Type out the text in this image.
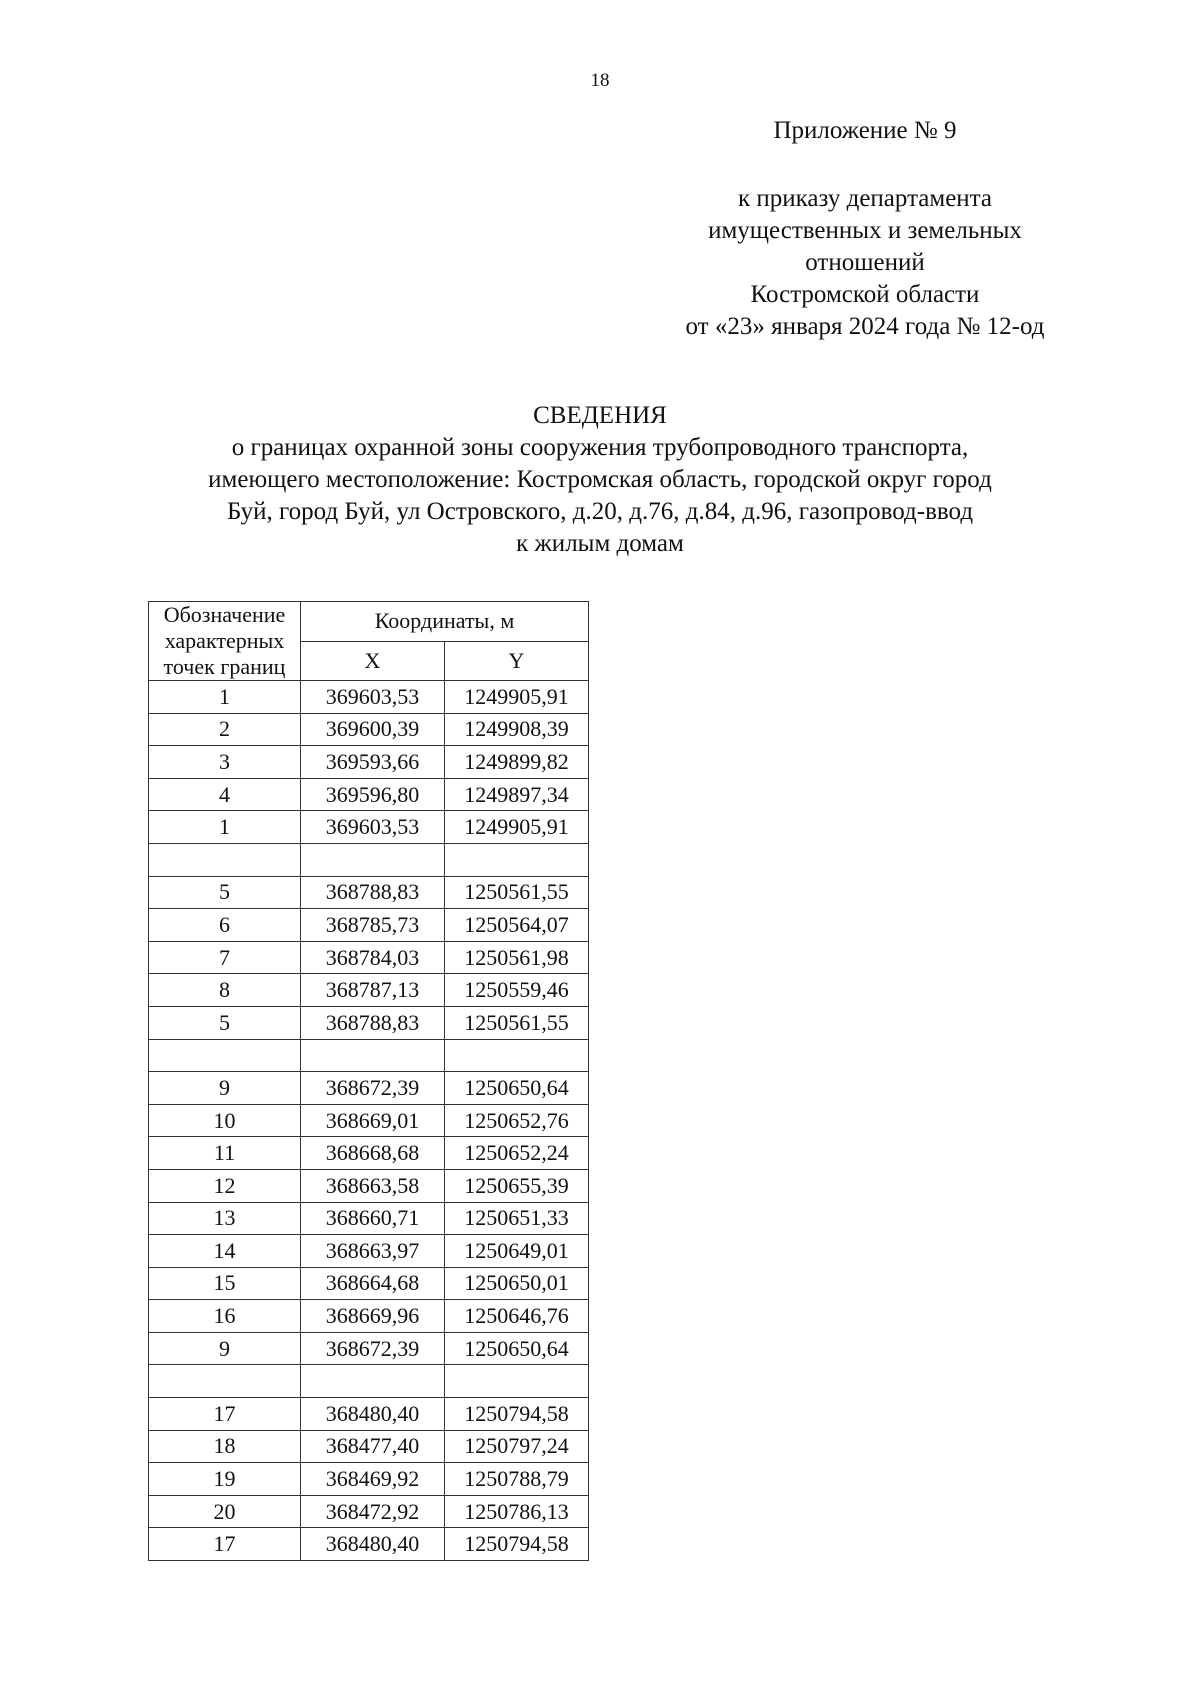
18
Приложение № 9
к приказу департамента
имущественных и земельных
отношений
Костромской области
от «23» января 2024 года № 12-од
СВЕДЕНИЯ
о границах охранной зоны сооружения трубопроводного транспорта,
имеющего местоположение: Костромская область, городской округ город
Буй, город Буй, ул Островского, д.20, д.76, д.84, д.96, газопровод-ввод
к жилым домам
Обозначение
характерных
точек границ	Координаты, м	
	X	Y
1	369603,53	1249905,91
2	369600,39	1249908,39
3	369593,66	1249899,82
4	369596,80	1249897,34
1	369603,53	1249905,91

5	368788,83	1250561,55
6	368785,73	1250564,07
7	368784,03	1250561,98
8	368787,13	1250559,46
5	368788,83	1250561,55

9	368672,39	1250650,64
10	368669,01	1250652,76
11	368668,68	1250652,24
12	368663,58	1250655,39
13	368660,71	1250651,33
14	368663,97	1250649,01
15	368664,68	1250650,01
16	368669,96	1250646,76
9	368672,39	1250650,64

17	368480,40	1250794,58
18	368477,40	1250797,24
19	368469,92	1250788,79
20	368472,92	1250786,13
17	368480,40	1250794,58
